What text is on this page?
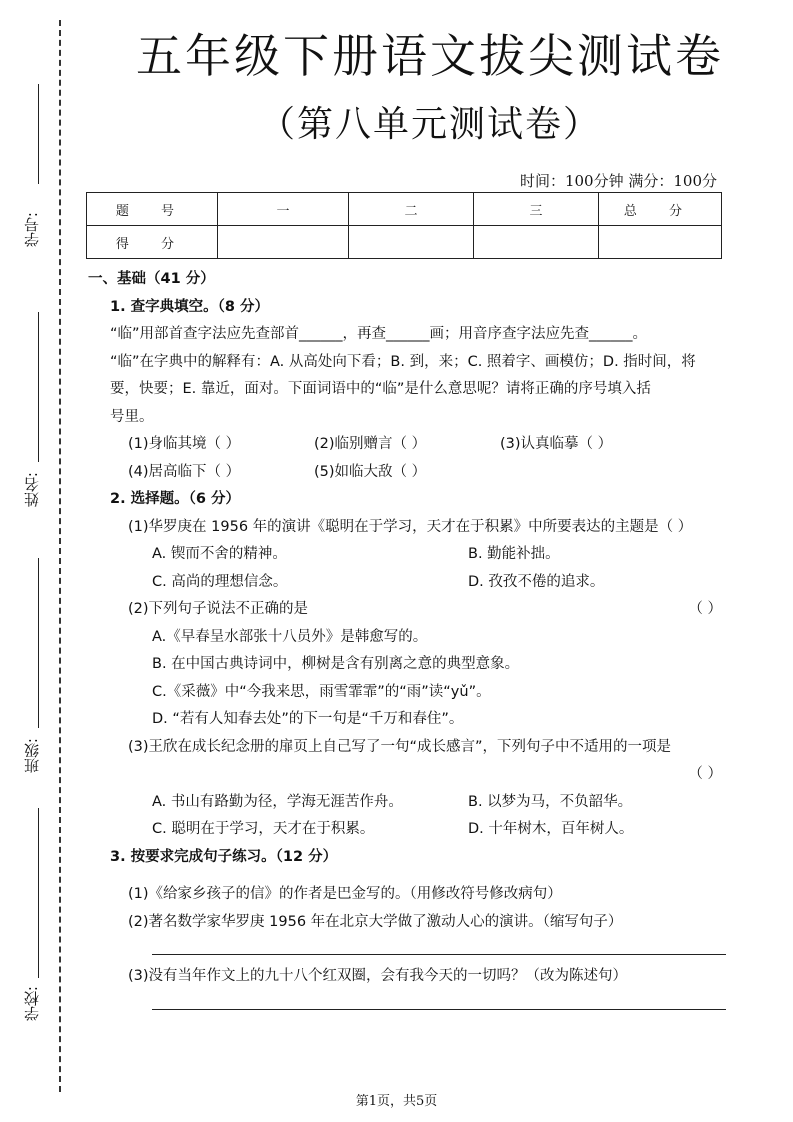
学号:
姓名:
班级:
学校:
五年级下册语文拔尖测试卷
（第八单元测试卷）
时间：100分钟 满分：100分
题 号	一	二	三	总 分
得 分				
一、基础（41 分）
1. 查字典填空。（8 分）
“临”用部首查字法应先查部首______，再查______画；用音序查字法应先查______。
“临”在字典中的解释有：A. 从高处向下看；B. 到，来；C. 照着字、画模仿；D. 指时间，将
要，快要；E. 靠近，面对。下面词语中的“临”是什么意思呢？请将正确的序号填入括
号里。
(1)身临其境（ ）	(2)临别赠言（ ）	(3)认真临摹（ ）
(4)居高临下（ ）	(5)如临大敌（ ）
2. 选择题。（6 分）
(1)华罗庚在 1956 年的演讲《聪明在于学习，天才在于积累》中所要表达的主题是（ ）
A. 锲而不舍的精神。	B. 勤能补拙。
C. 高尚的理想信念。	D. 孜孜不倦的追求。
(2)下列句子说法不正确的是	（ ）
A.《早春呈水部张十八员外》是韩愈写的。
B. 在中国古典诗词中，柳树是含有别离之意的典型意象。
C.《采薇》中“今我来思，雨雪霏霏”的“雨”读“yǔ”。
D. “若有人知春去处”的下一句是“千万和春住”。
(3)王欣在成长纪念册的扉页上自己写了一句“成长感言”，下列句子中不适用的一项是
（ ）
A. 书山有路勤为径，学海无涯苦作舟。	B. 以梦为马，不负韶华。
C. 聪明在于学习，天才在于积累。	D. 十年树木，百年树人。
3. 按要求完成句子练习。（12 分）
(1)《给家乡孩子的信》的作者是巴金写的。（用修改符号修改病句）
(2)著名数学家华罗庚 1956 年在北京大学做了激动人心的演讲。（缩写句子）
(3)没有当年作文上的九十八个红双圈，会有我今天的一切吗？（改为陈述句）
第1页，共5页
